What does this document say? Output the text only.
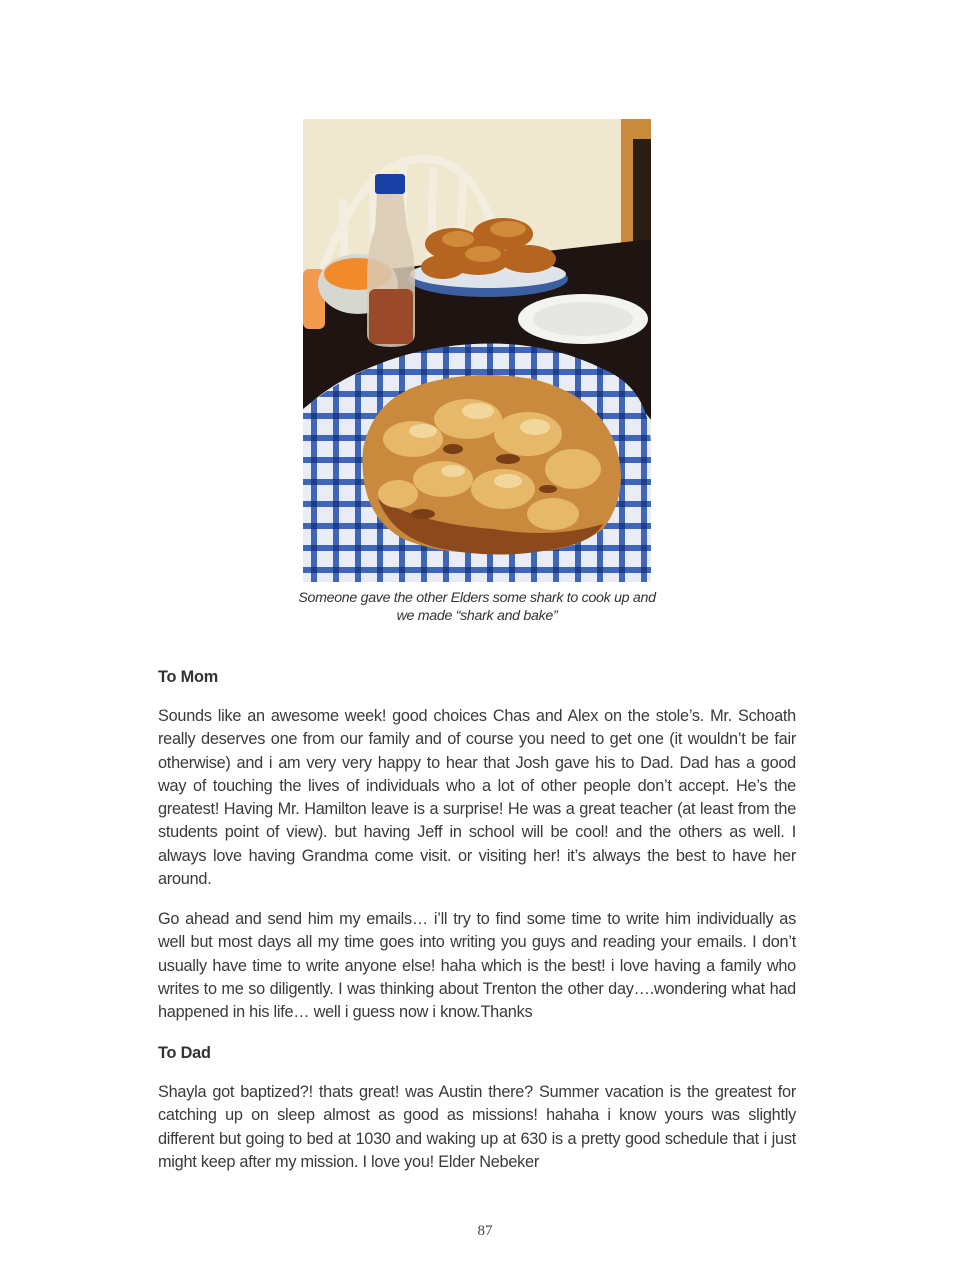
Someone gave the other Elders some shark to cook up and
we made “shark and bake”
To Mom
Sounds like an awesome week! good choices Chas and Alex on the stole’s. Mr. Schoath really deserves one from our family and of course you need to get one (it wouldn’t be fair otherwise) and i am very very happy to hear that Josh gave his to Dad. Dad has a good way of touching the lives of individuals who a lot of other people don’t accept. He’s the greatest! Having Mr. Hamilton leave is a surprise! He was a great teacher (at least from the students point of view). but having Jeff in school will be cool! and the others as well. I always love having Grandma come visit. or visiting her! it’s always the best to have her around.
Go ahead and send him my emails… i’ll try to find some time to write him individually as well but most days all my time goes into writing you guys and reading your emails. I don’t usually have time to write anyone else! haha which is the best! i love having a family who writes to me so diligently. I was thinking about Trenton the other day….wondering what had happened in his life… well i guess now i know.Thanks
To Dad
Shayla got baptized?! thats great! was Austin there? Summer vacation is the greatest for catching up on sleep almost as good as missions! hahaha i know yours was slightly different but going to bed at 1030 and waking up at 630 is a pretty good schedule that i just might keep after my mission. I love you! Elder Nebeker
87
